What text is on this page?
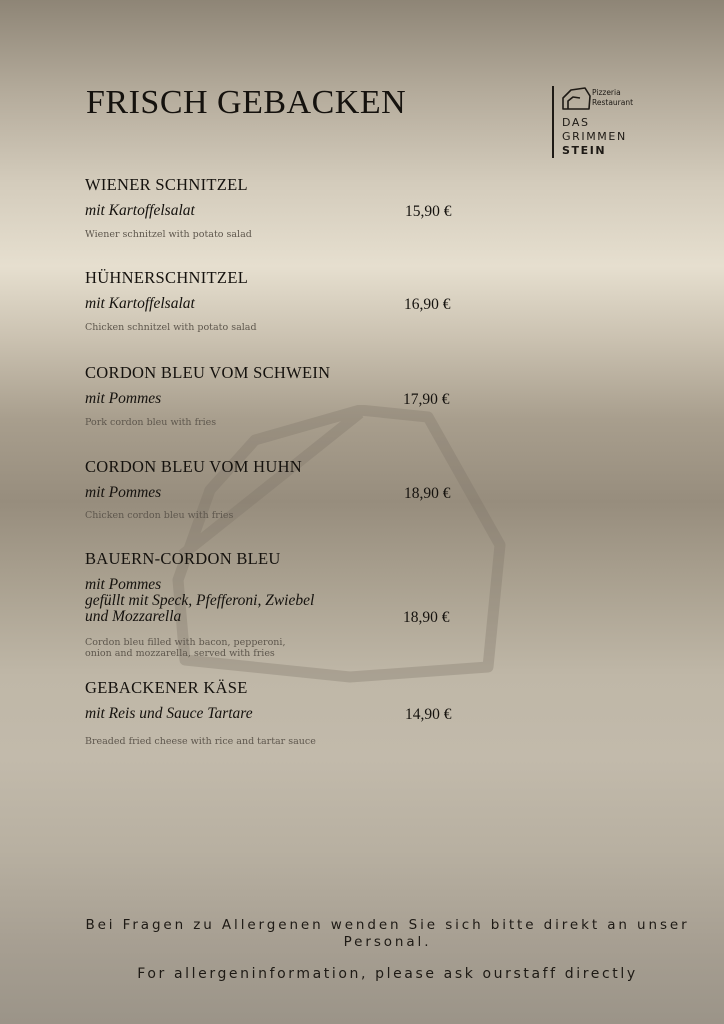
FRISCH GEBACKEN	Pizzeria
Restaurant
DAS
GRIMMEN
STEIN
WIENER SCHNITZEL
mit Kartoffelsalat	15,90 €
Wiener schnitzel with potato salad
HÜHNERSCHNITZEL
mit Kartoffelsalat	16,90 €
Chicken schnitzel with potato salad
CORDON BLEU VOM SCHWEIN
mit Pommes	17,90 €
Pork cordon bleu with fries
CORDON BLEU VOM HUHN
mit Pommes	18,90 €
Chicken cordon bleu with fries
BAUERN-CORDON BLEU
mit Pommes
gefüllt mit Speck, Pfefferoni, Zwiebel
und Mozzarella	18,90 €
Cordon bleu filled with bacon, pepperoni,
onion and mozzarella, served with fries
GEBACKENER KÄSE
mit Reis und Sauce Tartare	14,90 €
Breaded fried cheese with rice and tartar sauce
Bei Fragen zu Allergenen wenden Sie sich bitte direkt an unser
Personal.
For allergeninformation, please ask ourstaff directly
